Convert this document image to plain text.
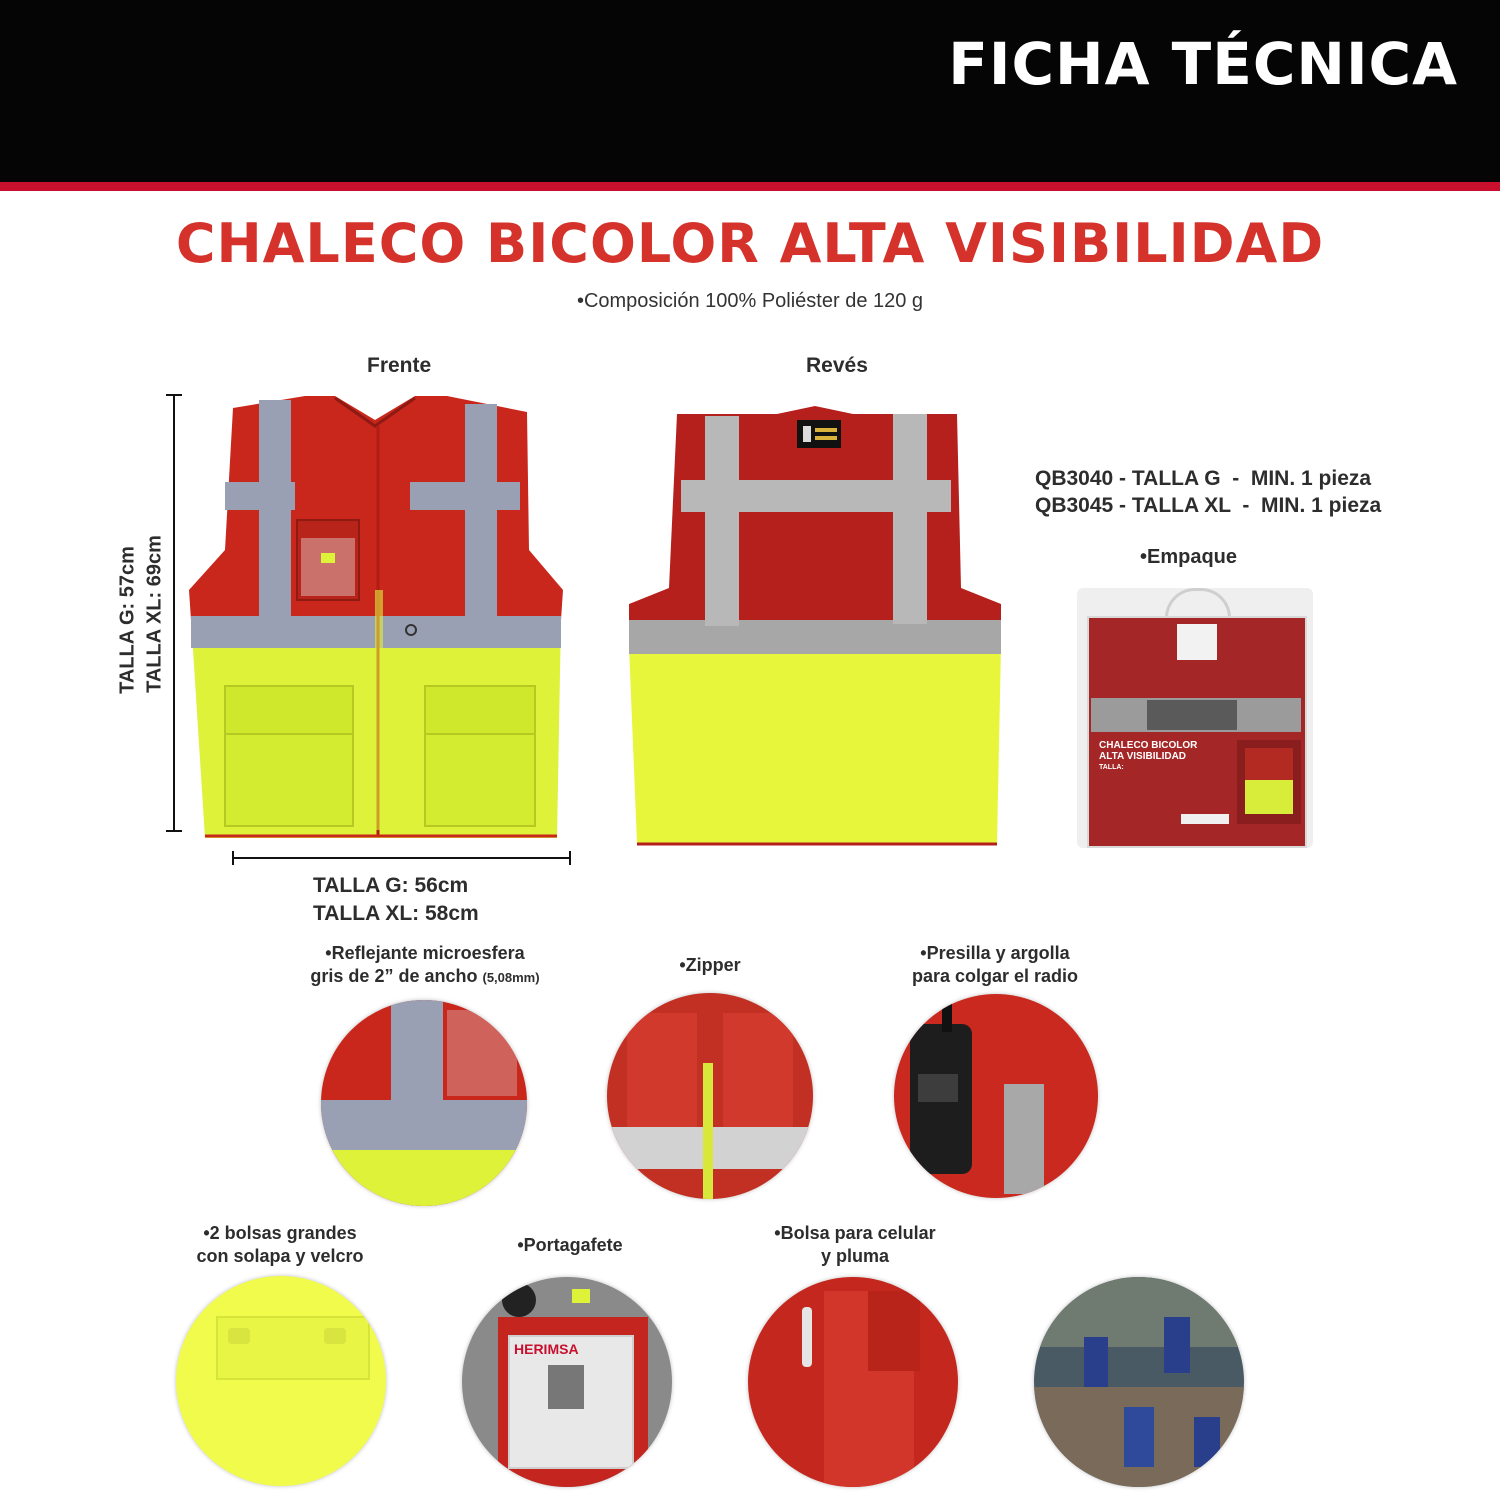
FICHA TÉCNICA
CHALECO BICOLOR ALTA VISIBILIDAD
•Composición 100% Poliéster de 120 g
Frente	Revés
TALLA G: 57cm TALLA XL: 69cm
TALLA G: 56cm
TALLA XL: 58cm
QB3040 - TALLA G  -  MIN. 1 pieza
QB3045 - TALLA XL  -  MIN. 1 pieza
•Empaque
CHALECO BICOLOR
ALTA VISIBILIDAD
TALLA:
•Reflejante microesfera
gris de 2” de ancho (5,08mm)
•Zipper
•Presilla y argolla
para colgar el radio
•2 bolsas grandes
con solapa y velcro
•Portagafete
•Bolsa para celular
y pluma
HERIMSA
